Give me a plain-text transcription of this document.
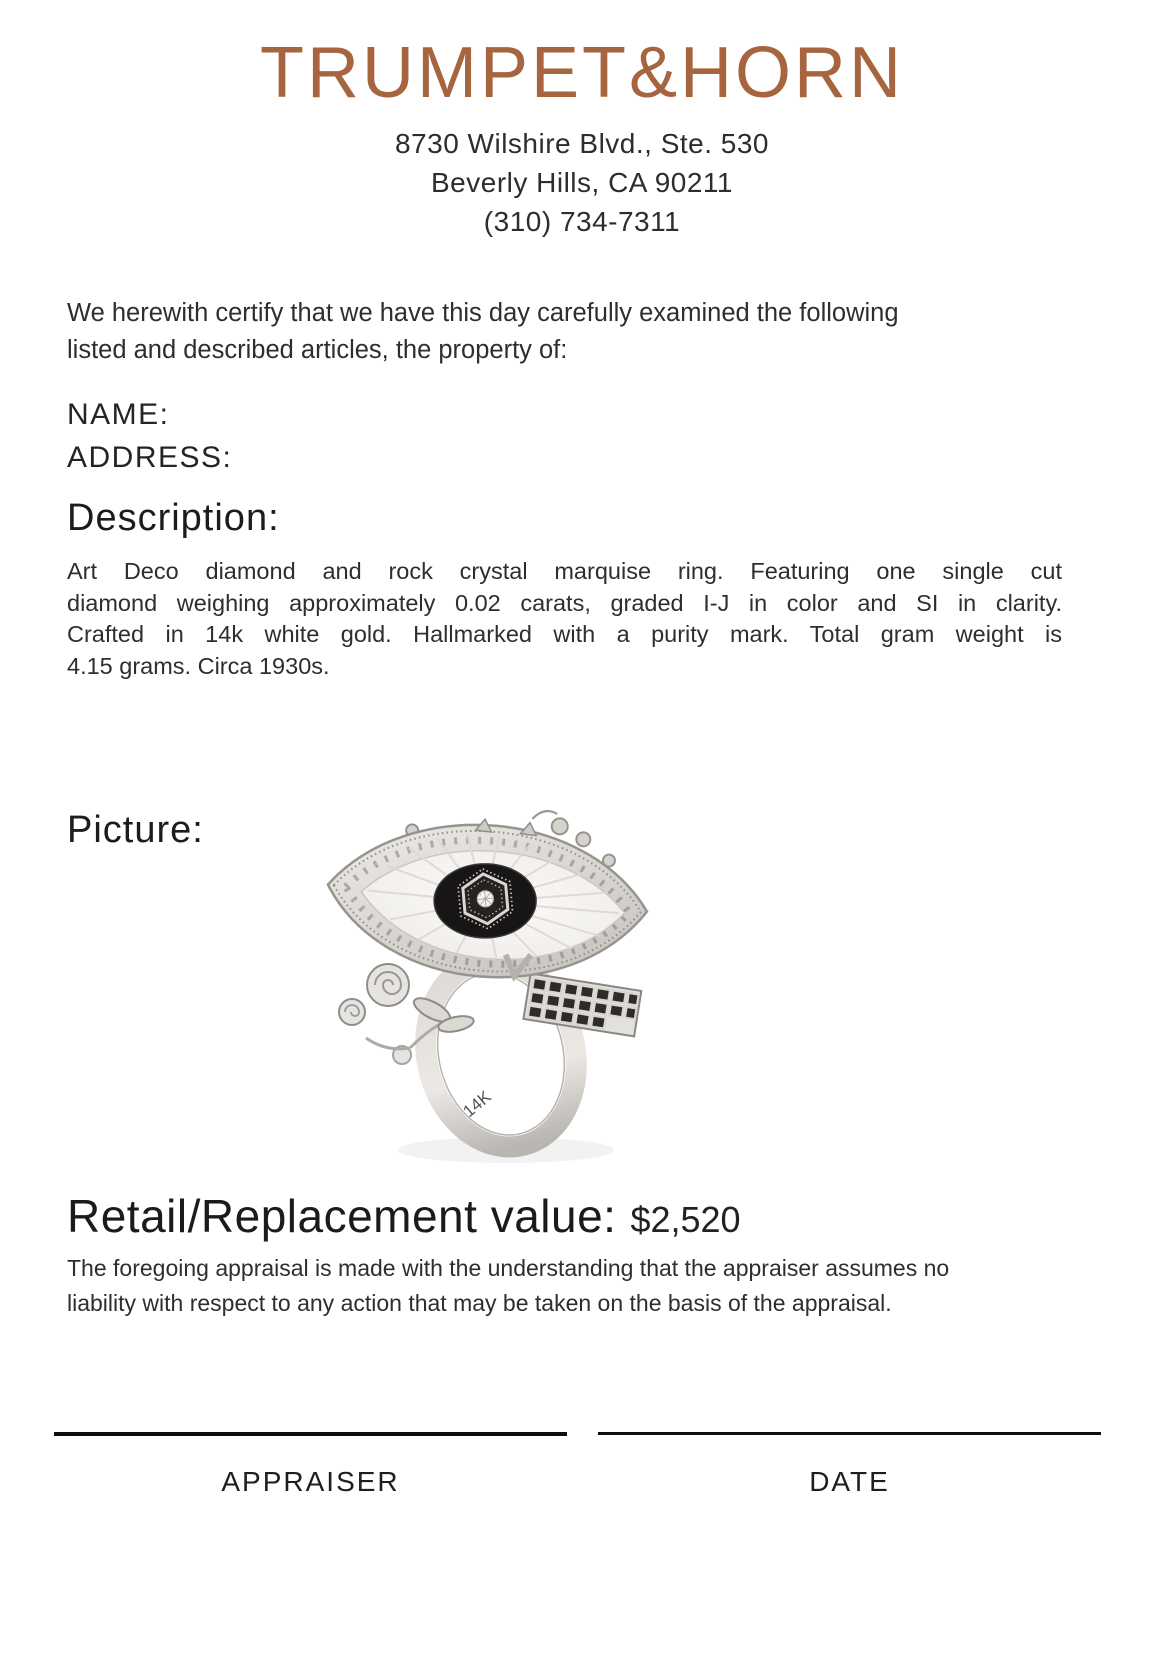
TRUMPET&HORN
8730 Wilshire Blvd., Ste. 530
Beverly Hills, CA 90211
(310) 734-7311
We herewith certify that we have this day carefully examined the following
listed and described articles, the property of:
NAME:
ADDRESS:
Description:
Art Deco diamond and rock crystal marquise ring. Featuring one single cut
diamond weighing approximately 0.02 carats, graded I-J in color and SI in clarity.
Crafted in 14k white gold. Hallmarked with a purity mark. Total gram weight is
4.15 grams. Circa 1930s.
Picture:
14K
Retail/Replacement value: $2,520
The foregoing appraisal is made with the understanding that the appraiser assumes no
liability with respect to any action that may be taken on the basis of the appraisal.
APPRAISER	DATE
